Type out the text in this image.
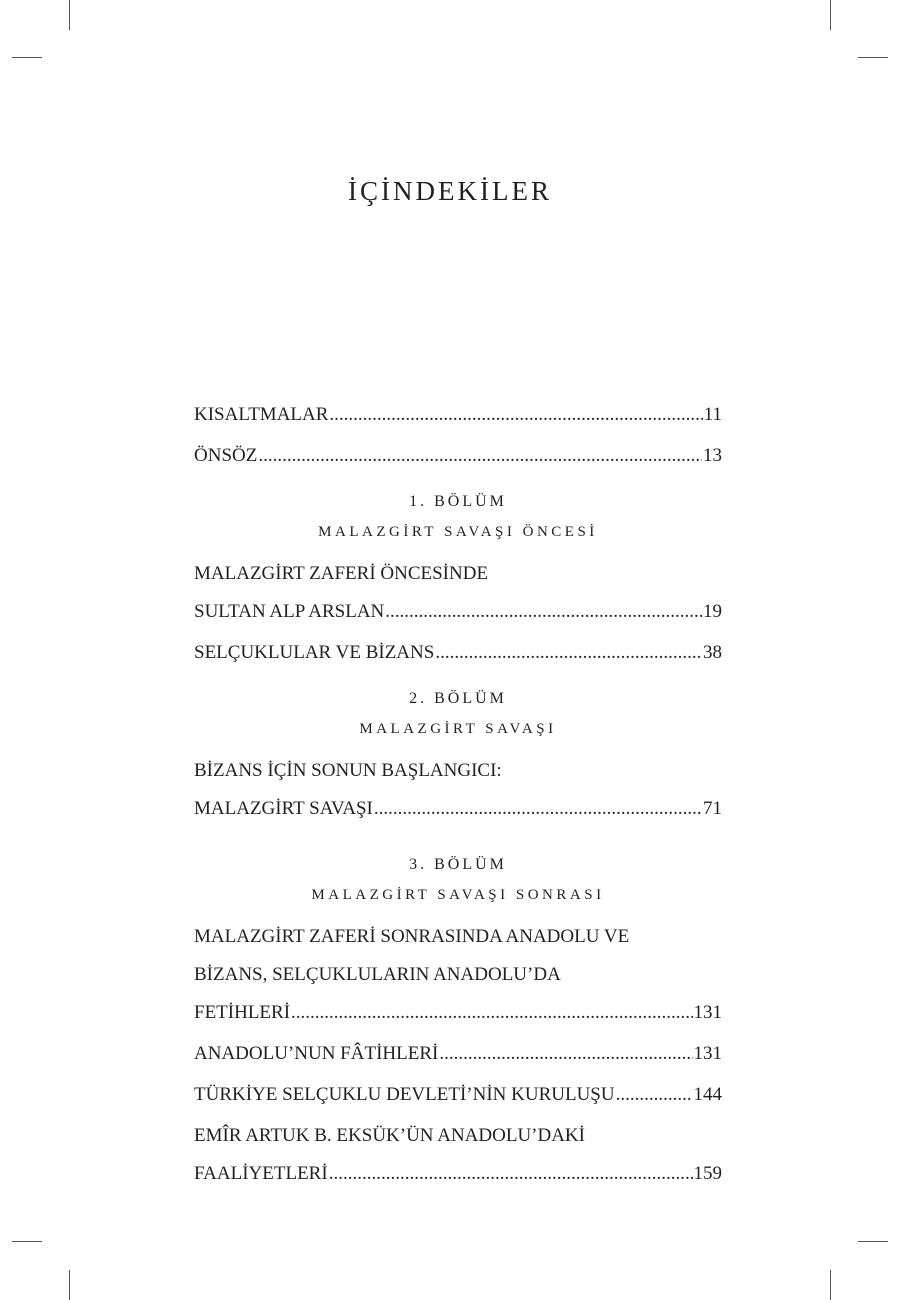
İÇİNDEKİLER
KISALTMALAR .....	11
ÖNSÖZ .....	13
1. BÖLÜM
MALAZGİRT SAVAŞI ÖNCESİ
MALAZGİRT ZAFERİ ÖNCESİNDE
SULTAN ALP ARSLAN .....	19
SELÇUKLULAR VE BİZANS .....	38
2. BÖLÜM
MALAZGİRT SAVAŞI
BİZANS İÇİN SONUN BAŞLANGICI:
MALAZGİRT SAVAŞI .....	71
3. BÖLÜM
MALAZGİRT SAVAŞI SONRASI
MALAZGİRT ZAFERİ SONRASINDA ANADOLU VE
BİZANS, SELÇUKLULARIN ANADOLU’DA
FETİHLERİ .....	131
ANADOLU’NUN FÂTİHLERİ .....	131
TÜRKİYE SELÇUKLU DEVLETİ’NİN KURULUŞU .....	144
EMÎR ARTUK B. EKSÜK’ÜN ANADOLU’DAKİ
FAALİYETLERİ .....	159
